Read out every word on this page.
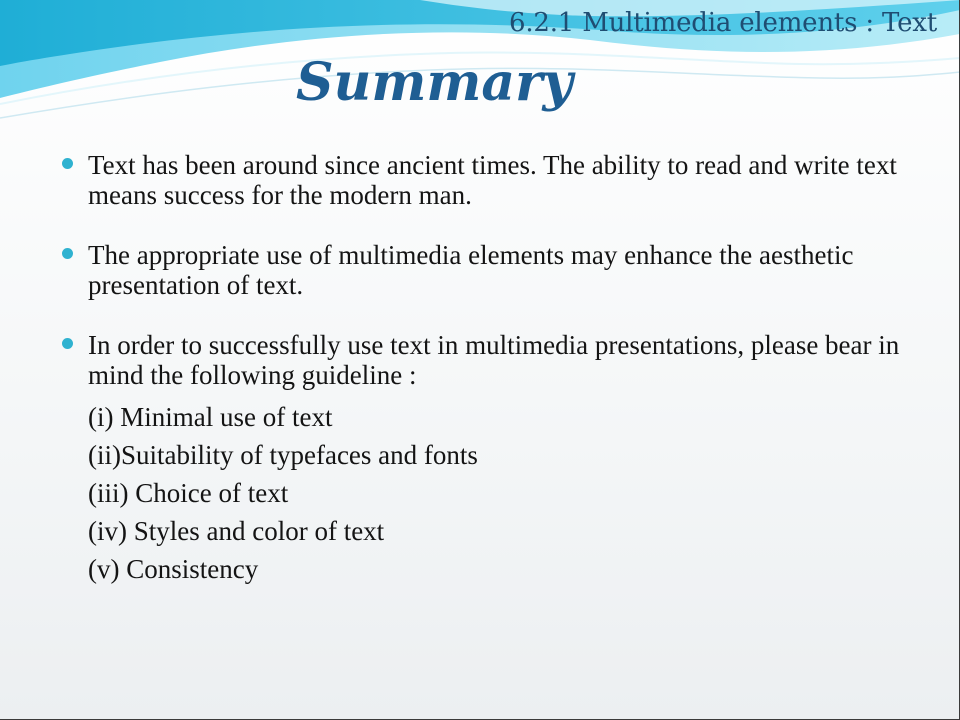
6.2.1 Multimedia elements : Text
Summary
Text has been around since ancient times. The ability to read and write text means success for the modern man.
The appropriate use of multimedia elements may enhance the aesthetic presentation of text.
In order to successfully use text in multimedia presentations, please bear in mind the following guideline :
(i) Minimal use of text
(ii)Suitability of typefaces and fonts
(iii) Choice of text
(iv) Styles and color of text
(v) Consistency
